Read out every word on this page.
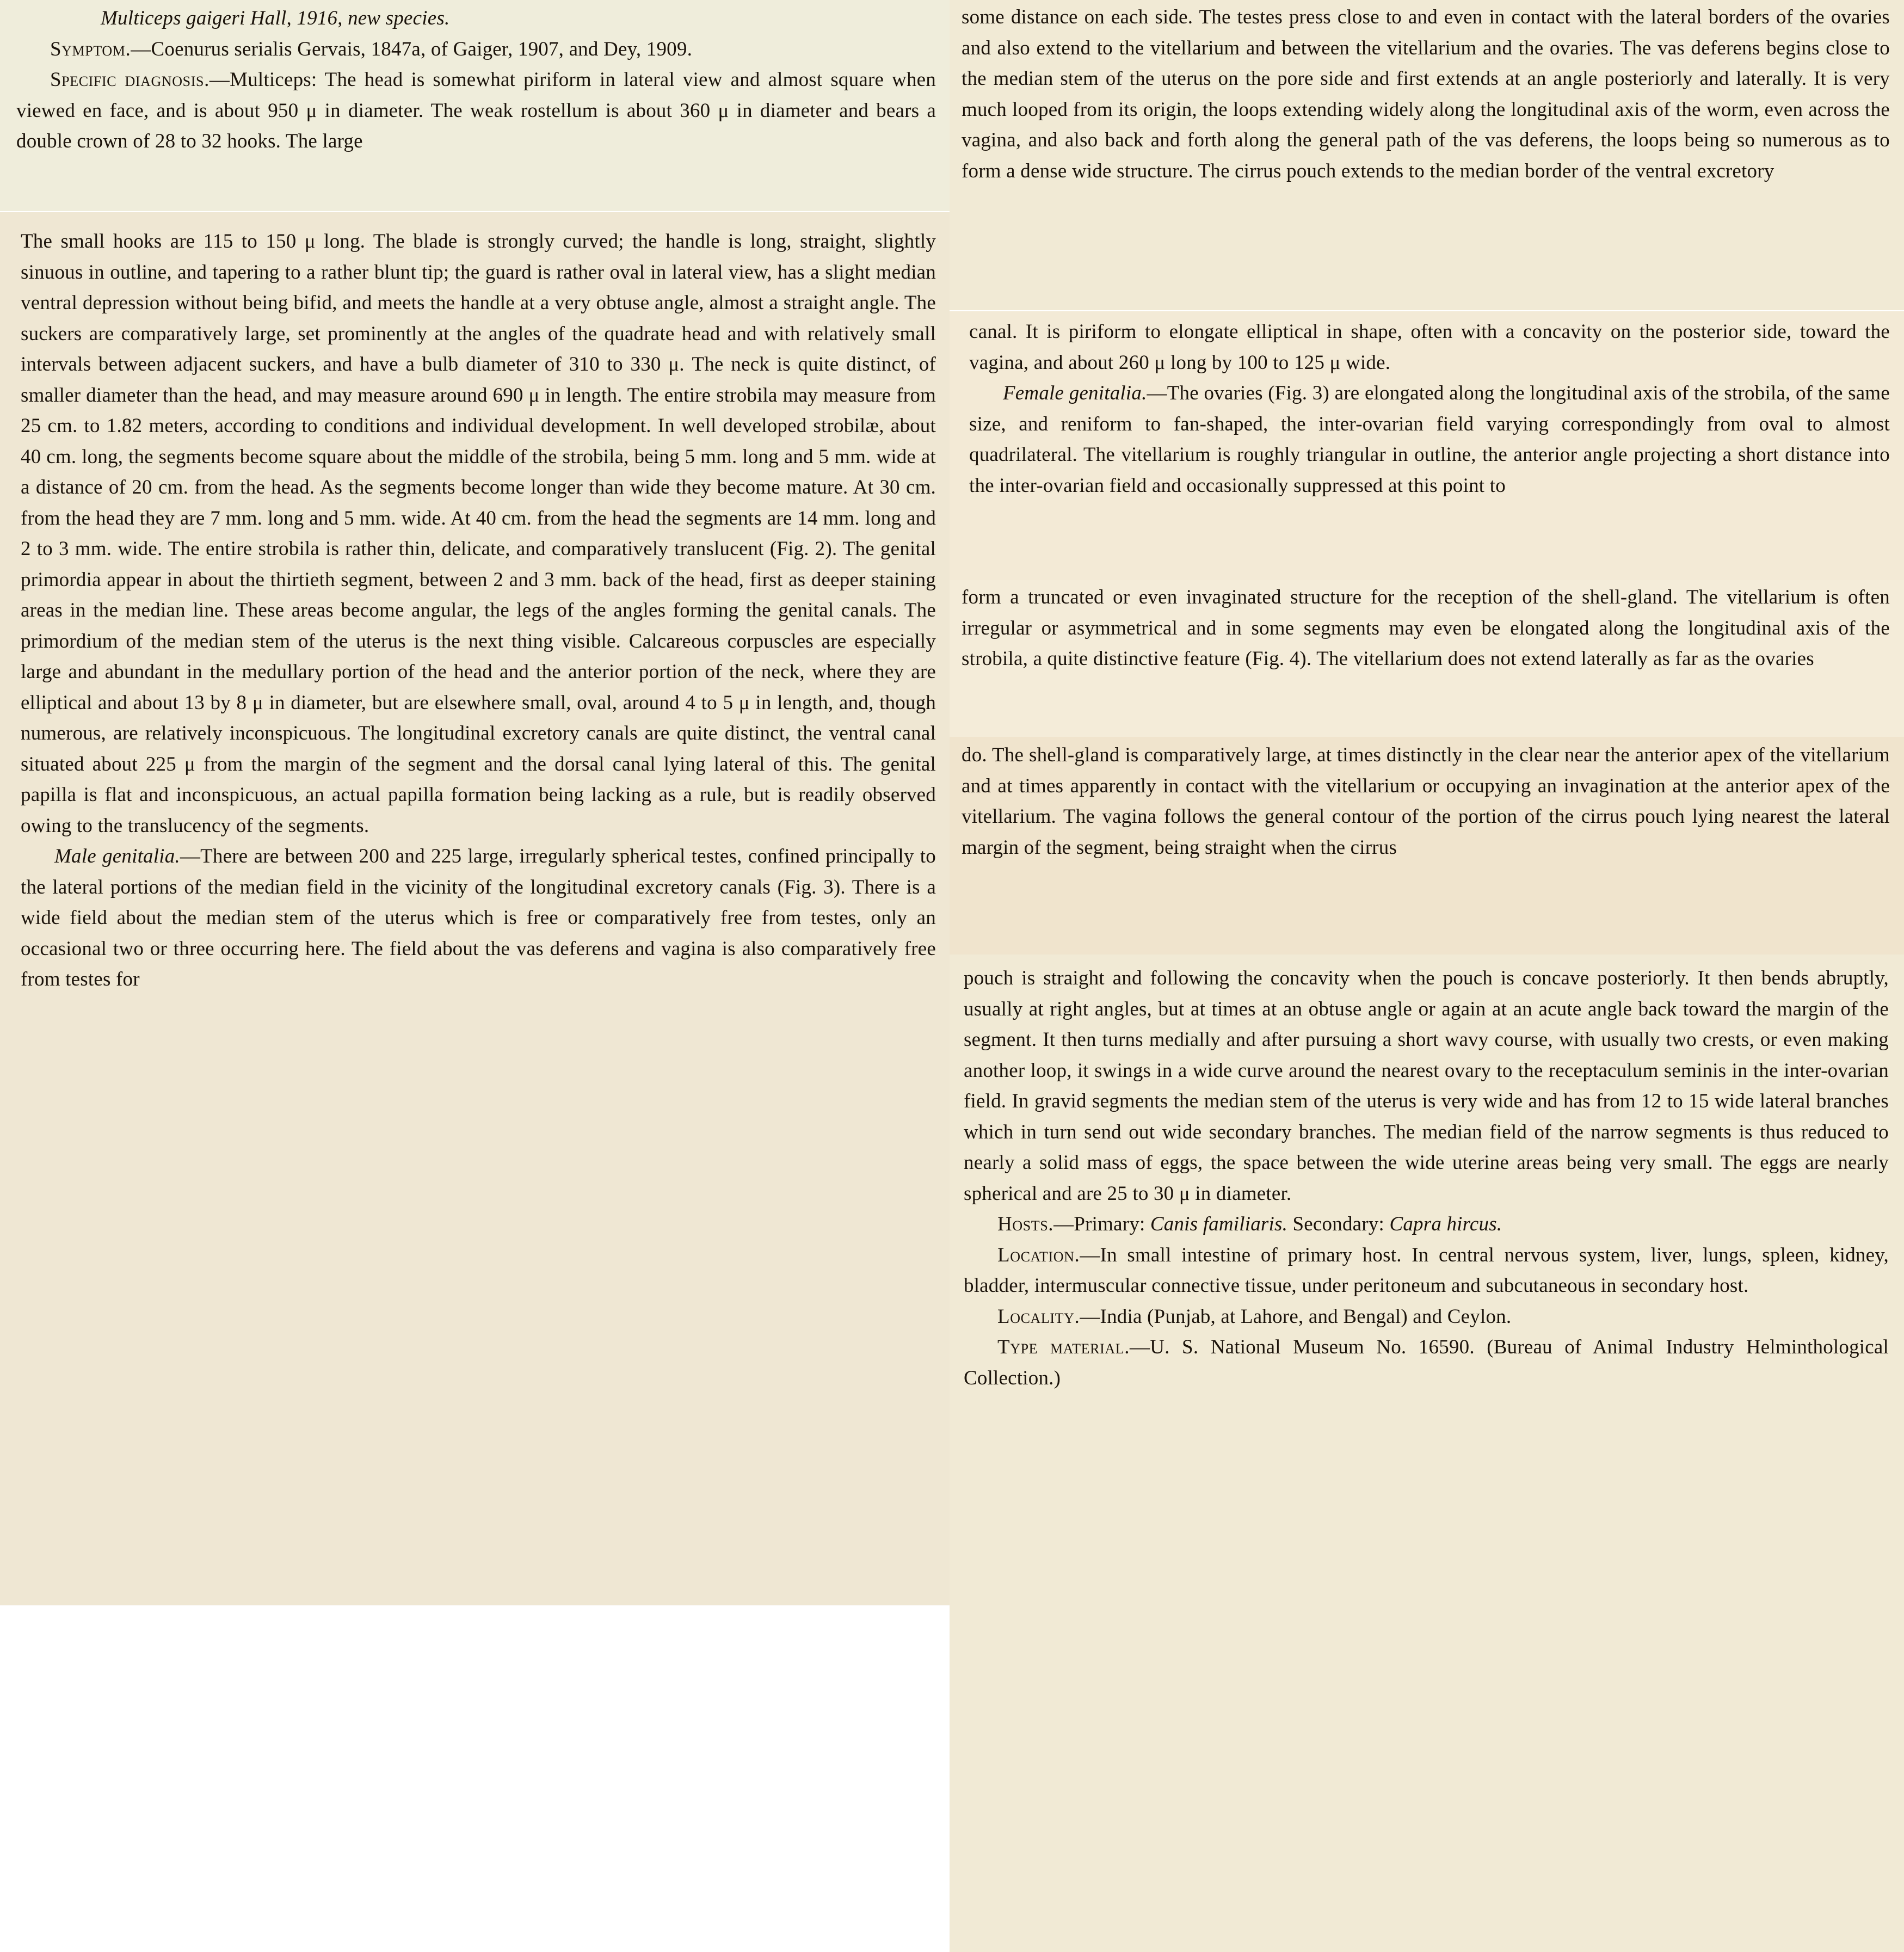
Multiceps gaigeri Hall, 1916, new species.

Symptom.—Coenurus serialis Gervais, 1847a, of Gaiger, 1907, and Dey, 1909.

Specific diagnosis.—Multiceps: The head is somewhat piriform in lateral view and almost square when viewed en face, and is about 950 μ in diameter. The weak rostellum is about 360 μ in diameter and bears a double crown of 28 to 32 hooks. The large

The small hooks are 115 to 150 μ long. The blade is strongly curved; the handle is long, straight, slightly sinuous in outline, and tapering to a rather blunt tip; the guard is rather oval in lateral view, has a slight median ventral depression without being bifid, and meets the handle at a very obtuse angle, almost a straight angle. The suckers are comparatively large, set prominently at the angles of the quadrate head and with relatively small intervals between adjacent suckers, and have a bulb diameter of 310 to 330 μ. The neck is quite distinct, of smaller diameter than the head, and may measure around 690 μ in length. The entire strobila may measure from 25 cm. to 1.82 meters, according to conditions and individual development. In well developed strobilæ, about 40 cm. long, the segments become square about the middle of the strobila, being 5 mm. long and 5 mm. wide at a distance of 20 cm. from the head. As the segments become longer than wide they become mature. At 30 cm. from the head they are 7 mm. long and 5 mm. wide. At 40 cm. from the head the segments are 14 mm. long and 2 to 3 mm. wide. The entire strobila is rather thin, delicate, and comparatively translucent (Fig. 2). The genital primordia appear in about the thirtieth segment, between 2 and 3 mm. back of the head, first as deeper staining areas in the median line. These areas become angular, the legs of the angles forming the genital canals. The primordium of the median stem of the uterus is the next thing visible. Calcareous corpuscles are especially large and abundant in the medullary portion of the head and the anterior portion of the neck, where they are elliptical and about 13 by 8 μ in diameter, but are elsewhere small, oval, around 4 to 5 μ in length, and, though numerous, are relatively inconspicuous. The longitudinal excretory canals are quite distinct, the ventral canal situated about 225 μ from the margin of the segment and the dorsal canal lying lateral of this. The genital papilla is flat and inconspicuous, an actual papilla formation being lacking as a rule, but is readily observed owing to the translucency of the segments.

Male genitalia.—There are between 200 and 225 large, irregularly spherical testes, confined principally to the lateral portions of the median field in the vicinity of the longitudinal excretory canals (Fig. 3). There is a wide field about the median stem of the uterus which is free or comparatively free from testes, only an occasional two or three occurring here. The field about the vas deferens and vagina is also comparatively free from testes for

some distance on each side. The testes press close to and even in contact with the lateral borders of the ovaries and also extend to the vitellarium and between the vitellarium and the ovaries. The vas deferens begins close to the median stem of the uterus on the pore side and first extends at an angle posteriorly and laterally. It is very much looped from its origin, the loops extending widely along the longitudinal axis of the worm, even across the vagina, and also back and forth along the general path of the vas deferens, the loops being so numerous as to form a dense wide structure. The cirrus pouch extends to the median border of the ventral excretory

canal. It is piriform to elongate elliptical in shape, often with a concavity on the posterior side, toward the vagina, and about 260 μ long by 100 to 125 μ wide.

Female genitalia.—The ovaries (Fig. 3) are elongated along the longitudinal axis of the strobila, of the same size, and reniform to fan-shaped, the inter-ovarian field varying correspondingly from oval to almost quadrilateral. The vitellarium is roughly triangular in outline, the anterior angle projecting a short distance into the inter-ovarian field and occasionally suppressed at this point to

form a truncated or even invaginated structure for the reception of the shell-gland. The vitellarium is often irregular or asymmetrical and in some segments may even be elongated along the longitudinal axis of the strobila, a quite distinctive feature (Fig. 4). The vitellarium does not extend laterally as far as the ovaries
do. The shell-gland is comparatively large, at times distinctly in the clear near the anterior apex of the vitellarium and at times apparently in contact with the vitellarium or occupying an invagination at the anterior apex of the vitellarium. The vagina follows the general contour of the portion of the cirrus pouch lying nearest the lateral margin of the segment, being straight when the cirrus

pouch is straight and following the concavity when the pouch is concave posteriorly. It then bends abruptly, usually at right angles, but at times at an obtuse angle or again at an acute angle back toward the margin of the segment. It then turns medially and after pursuing a short wavy course, with usually two crests, or even making another loop, it swings in a wide curve around the nearest ovary to the receptaculum seminis in the inter-ovarian field. In gravid segments the median stem of the uterus is very wide and has from 12 to 15 wide lateral branches which in turn send out wide secondary branches. The median field of the narrow segments is thus reduced to nearly a solid mass of eggs, the space between the wide uterine areas being very small. The eggs are nearly spherical and are 25 to 30 μ in diameter.

Hosts.—Primary: Canis familiaris. Secondary: Capra hircus.

Location.—In small intestine of primary host. In central nervous system, liver, lungs, spleen, kidney, bladder, intermuscular connective tissue, under peritoneum and subcutaneous in secondary host.

Locality.—India (Punjab, at Lahore, and Bengal) and Ceylon.

Type material.—U. S. National Museum No. 16590. (Bureau of Animal Industry Helminthological Collection.)
